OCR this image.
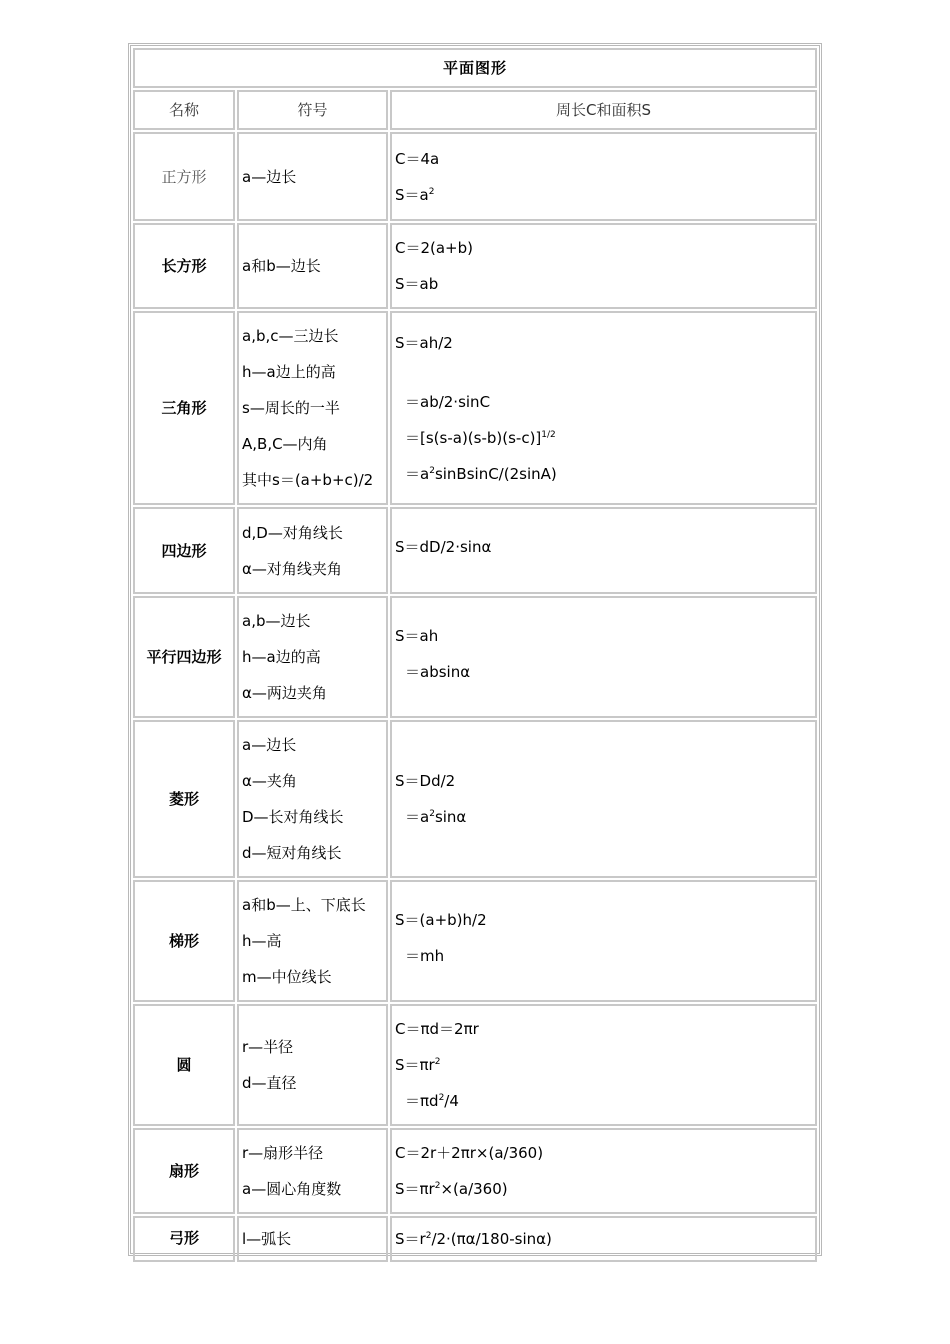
平面图形		
名称	符号	周长C和面积S
正方形	a—边长	C＝4a
$S=a^2$

长方形	a和b—边长	C＝2(a+b)
S＝ab

三角形	a,b,c—三边长
h—a边上的高
s—周长的一半
A,B,C—内角
其中s＝(a+b+c)/2	S＝ah/2
＝ab/2·sinC
$=[s(s-a)(s-b)(s-c)]^{1/2}$
$=a^2sinBsinC/(2\sin A)$

四边形	d,D—对角线长
α—对角线夹角	S＝dD/2·sinα

平行四边形	a,b—边长
h—a边的高
α—两边夹角	S＝ah
＝absinα

菱形	a—边长
α—夹角
D—长对角线长
d—短对角线长	S＝Dd/2
$=a^2\sin\alpha$

梯形	a和b—上、下底长
h—高
m—中位线长	S＝(a+b)h/2
＝mh

圆	r—半径
d—直径	C＝πd＝2πr
$S=\pi r^2$
$=\pi d^2/4$

扇形	r—扇形半径
a—圆心角度数	C＝2r＋2πr×(a/360)
$S=\pi r^2\times(a/360)$

弓形	l—弧长	$S=r^2/2\cdot(\pi\alpha/180-\sin\alpha)$
